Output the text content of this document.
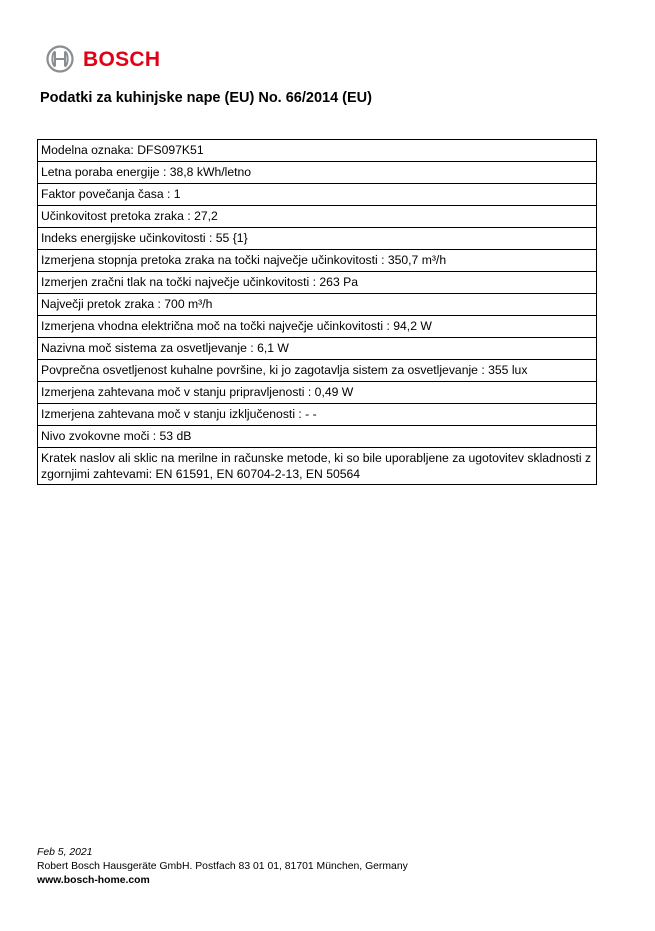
BOSCH
Podatki za kuhinjske nape (EU) No. 66/2014 (EU)
Modelna oznaka: DFS097K51
Letna poraba energije : 38,8 kWh/letno
Faktor povečanja časa : 1
Učinkovitost pretoka zraka : 27,2
Indeks energijske učinkovitosti : 55 {1}
Izmerjena stopnja pretoka zraka na točki največje učinkovitosti : 350,7 m³/h
Izmerjen zračni tlak na točki največje učinkovitosti : 263 Pa
Največji pretok zraka : 700 m³/h
Izmerjena vhodna električna moč na točki največje učinkovitosti : 94,2 W
Nazivna moč sistema za osvetljevanje : 6,1 W
Povprečna osvetljenost kuhalne površine, ki jo zagotavlja sistem za osvetljevanje : 355 lux
Izmerjena zahtevana moč v stanju pripravljenosti : 0,49 W
Izmerjena zahtevana moč v stanju izključenosti : - -
Nivo zvokovne moči : 53 dB
Kratek naslov ali sklic na merilne in računske metode, ki so bile uporabljene za ugotovitev skladnosti z zgornjimi zahtevami: EN 61591, EN 60704-2-13, EN 50564
Feb 5, 2021
Robert Bosch Hausgeräte GmbH. Postfach 83 01 01, 81701 München, Germany
www.bosch-home.com
